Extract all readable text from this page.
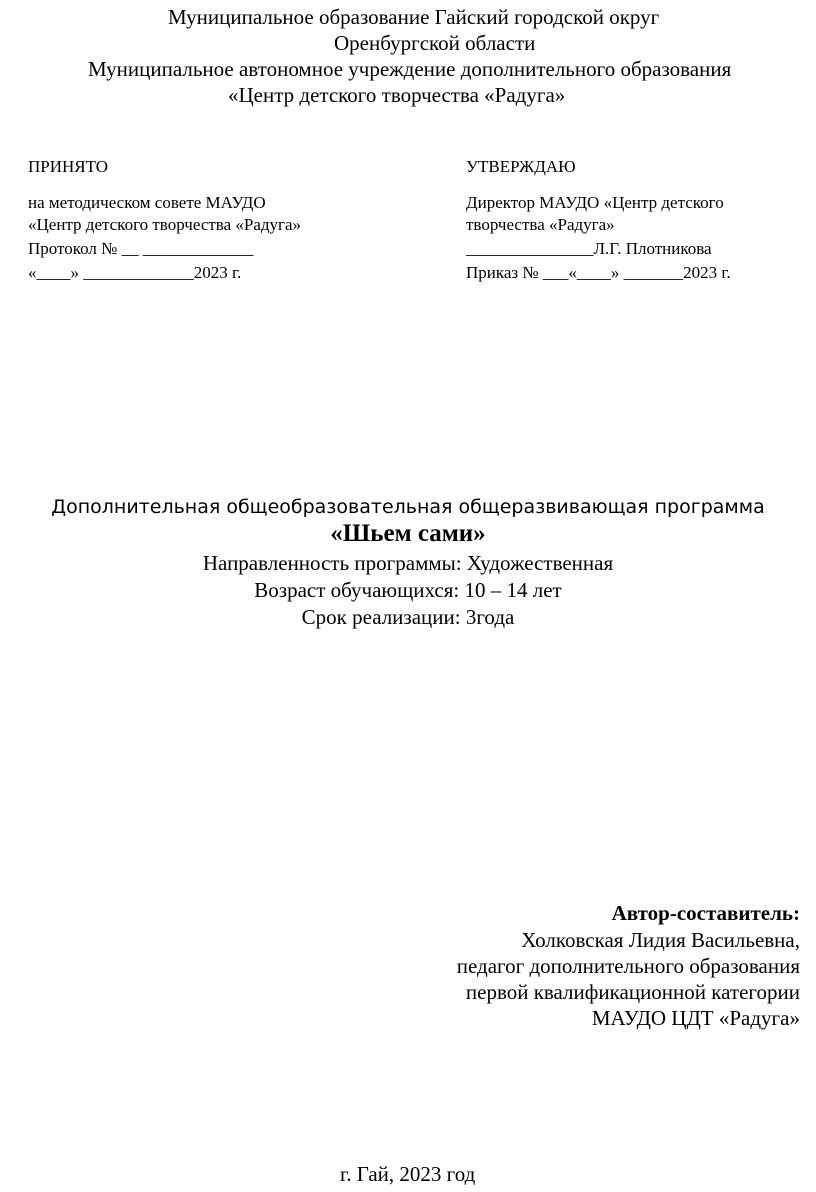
Муниципальное образование Гайский городской округ
Оренбургской области
Муниципальное автономное учреждение дополнительного образования
«Центр детского творчества «Радуга»
ПРИНЯТО
на методическом совете МАУДО
«Центр детского творчества «Радуга»
Протокол № __ _____________
«____» _____________2023 г.
УТВЕРЖДАЮ
Директор МАУДО «Центр детского
творчества «Радуга»
_______________Л.Г. Плотникова
Приказ № ___«____» _______2023 г.
Дополнительная общеобразовательная общеразвивающая программа
«Шьем сами»
Направленность программы: Художественная
Возраст обучающихся: 10 – 14 лет
Срок реализации: 3года
Автор-составитель:
Холковская Лидия Васильевна,
педагог дополнительного образования
первой квалификационной категории
МАУДО ЦДТ «Радуга»
г. Гай, 2023 год
